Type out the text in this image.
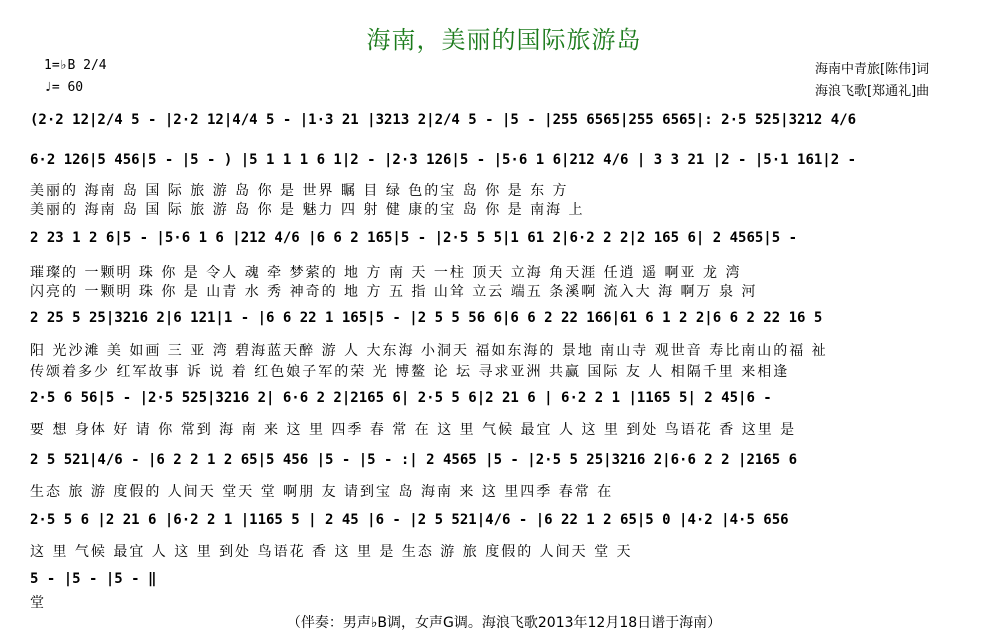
海南，美丽的国际旅游岛
1=♭B 2/4
♩= 60
海南中青旅[陈伟]词
海浪飞歌[郑通礼]曲
(2·2 12|2/4 5 - |2·2 12|4/4 5 - |1·3 21 |3213 2|2/4 5 - |5 - |255 6565|255 6565|: 2·5 525|3212 4/6
6·2 126|5 456|5 - |5 - ) |5 1 1 1 6 1|2 - |2·3 126|5 - |5·6 1 6|212 4/6 | 3 3 21 |2 - |5·1 161|2 -
美丽的 海南 岛 国 际 旅 游 岛 你 是 世界 瞩 目 绿 色的宝 岛 你 是 东 方
美丽的 海南 岛 国 际 旅 游 岛 你 是 魅力 四 射 健 康的宝 岛 你 是 南海 上
2 23 1 2 6|5 - |5·6 1 6 |212 4/6 |6 6 2 165|5 - |2·5 5 5|1 61 2|6·2 2 2|2 165 6| 2 4565|5 -
璀璨的 一颗明 珠 你 是 令人 魂 牵 梦萦的 地 方 南 天 一柱 顶天 立海 角天涯 任逍 遥 啊亚 龙 湾
闪亮的 一颗明 珠 你 是 山青 水 秀 神奇的 地 方 五 指 山耸 立云 端五 条溪啊 流入大 海 啊万 泉 河
2 25 5 25|3216 2|6 121|1 - |6 6 22 1 165|5 - |2 5 5 56 6|6 6 2 22 166|61 6 1 2 2|6 6 2 22 16 5
阳 光沙滩 美 如画 三 亚 湾 碧海蓝天醉 游 人 大东海 小洞天 福如东海的 景地 南山寺 观世音 寿比南山的福 祉
传颂着多少 红军故事 诉 说 着 红色娘子军的荣 光 博鳌 论 坛 寻求亚洲 共赢 国际 友 人 相隔千里 来相逢
2·5 6 56|5 - |2·5 525|3216 2| 6·6 2 2|2165 6| 2·5 5 6|2 21 6 | 6·2 2 1 |1165 5| 2 45|6 -
要 想 身体 好 请 你 常到 海 南 来 这 里 四季 春 常 在 这 里 气候 最宜 人 这 里 到处 鸟语花 香 这里 是
2 5 521|4/6 - |6 2 2 1 2 65|5 456 |5 - |5 - :| 2 4565 |5 - |2·5 5 25|3216 2|6·6 2 2 |2165 6
生态 旅 游 度假的 人间天 堂天 堂 啊朋 友 请到宝 岛 海南 来 这 里四季 春常 在
2·5 5 6 |2 21 6 |6·2 2 1 |1165 5 | 2 45 |6 - |2 5 521|4/6 - |6 22 1 2 65|5 0 |4·2 |4·5 656
这 里 气候 最宜 人 这 里 到处 鸟语花 香 这 里 是 生态 游 旅 度假的 人间天 堂 天
5 - |5 - |5 - ‖
堂
（伴奏：男声♭B调，女声G调。海浪飞歌2013年12月18日谱于海南）
